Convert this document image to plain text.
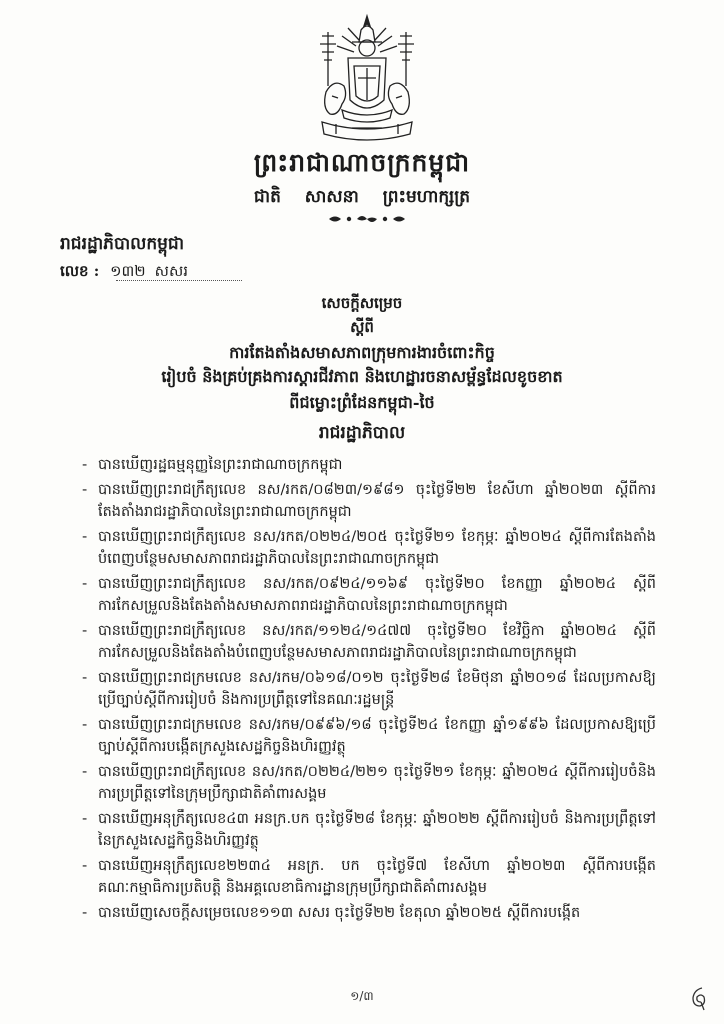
ព្រះរាជាណាចក្រកម្ពុជា
ជាតិ សាសនា ព្រះមហាក្សត្រ
រាជរដ្ឋាភិបាលកម្ពុជា
លេខ : ១៣២ សសរ
សេចក្ដីសម្រេច
ស្ដីពី
ការតែងតាំងសមាសភាពក្រុមការងារចំពោះកិច្ច
រៀបចំ និងគ្រប់គ្រងការស្ដារជីវភាព និងហេដ្ឋារចនាសម្ព័ន្ធដែលខូចខាត
ពីជម្លោះព្រំដែនកម្ពុជា-ថៃ
រាជរដ្ឋាភិបាល
- បានឃើញរដ្ឋធម្មនុញ្ញនៃព្រះរាជាណាចក្រកម្ពុជា
- បានឃើញព្រះរាជក្រឹត្យលេខ នស/រកត/០៨២៣/១៩៨១ ចុះថ្ងៃទី២២ ខែសីហា ឆ្នាំ២០២៣ ស្ដីពីការតែងតាំងរាជរដ្ឋាភិបាលនៃព្រះរាជាណាចក្រកម្ពុជា
- បានឃើញព្រះរាជក្រឹត្យលេខ នស/រកត/០២២៤/២០៥ ចុះថ្ងៃទី២១ ខែកុម្ភៈ ឆ្នាំ២០២៤ ស្ដីពីការតែងតាំងបំពេញបន្ថែមសមាសភាពរាជរដ្ឋាភិបាលនៃព្រះរាជាណាចក្រកម្ពុជា
- បានឃើញព្រះរាជក្រឹត្យលេខ នស/រកត/០៩២៤/១១៦៩ ចុះថ្ងៃទី២០ ខែកញ្ញា ឆ្នាំ២០២៤ ស្ដីពីការកែសម្រួលនិងតែងតាំងសមាសភាពរាជរដ្ឋាភិបាលនៃព្រះរាជាណាចក្រកម្ពុជា
- បានឃើញព្រះរាជក្រឹត្យលេខ នស/រកត/១១២៤/១៤៧៧ ចុះថ្ងៃទី២០ ខែវិច្ឆិកា ឆ្នាំ២០២៤ ស្ដីពីការកែសម្រួលនិងតែងតាំងបំពេញបន្ថែមសមាសភាពរាជរដ្ឋាភិបាលនៃព្រះរាជាណាចក្រកម្ពុជា
- បានឃើញព្រះរាជក្រមលេខ នស/រកម/០៦១៨/០១២ ចុះថ្ងៃទី២៨ ខែមិថុនា ឆ្នាំ២០១៨ ដែលប្រកាសឱ្យប្រើច្បាប់ស្ដីពីការរៀបចំ និងការប្រព្រឹត្តទៅនៃគណៈរដ្ឋមន្ត្រី
- បានឃើញព្រះរាជក្រមលេខ នស/រកម/០៩៩៦/១៨ ចុះថ្ងៃទី២៤ ខែកញ្ញា ឆ្នាំ១៩៩៦ ដែលប្រកាសឱ្យប្រើច្បាប់ស្ដីពីការបង្កើតក្រសួងសេដ្ឋកិច្ចនិងហិរញ្ញវត្ថុ
- បានឃើញព្រះរាជក្រឹត្យលេខ នស/រកត/០២២៤/២២១ ចុះថ្ងៃទី២១ ខែកុម្ភៈ ឆ្នាំ២០២៤ ស្ដីពីការរៀបចំនិងការប្រព្រឹត្តទៅនៃក្រុមប្រឹក្សាជាតិគាំពារសង្គម
- បានឃើញអនុក្រឹត្យលេខ៤៣ អនក្រ.បក ចុះថ្ងៃទី២៨ ខែកុម្ភៈ ឆ្នាំ២០២២ ស្ដីពីការរៀបចំ និងការប្រព្រឹត្តទៅនៃក្រសួងសេដ្ឋកិច្ចនិងហិរញ្ញវត្ថុ
- បានឃើញអនុក្រឹត្យលេខ២២៣៤ អនក្រ. បក ចុះថ្ងៃទី៧ ខែសីហា ឆ្នាំ២០២៣ ស្ដីពីការបង្កើតគណៈកម្មាធិការប្រតិបត្តិ និងអគ្គលេខាធិការដ្ឋានក្រុមប្រឹក្សាជាតិគាំពារសង្គម
- បានឃើញសេចក្ដីសម្រេចលេខ១១៣ សសរ ចុះថ្ងៃទី២២ ខែតុលា ឆ្នាំ២០២៥ ស្ដីពីការបង្កើត
១/៣
